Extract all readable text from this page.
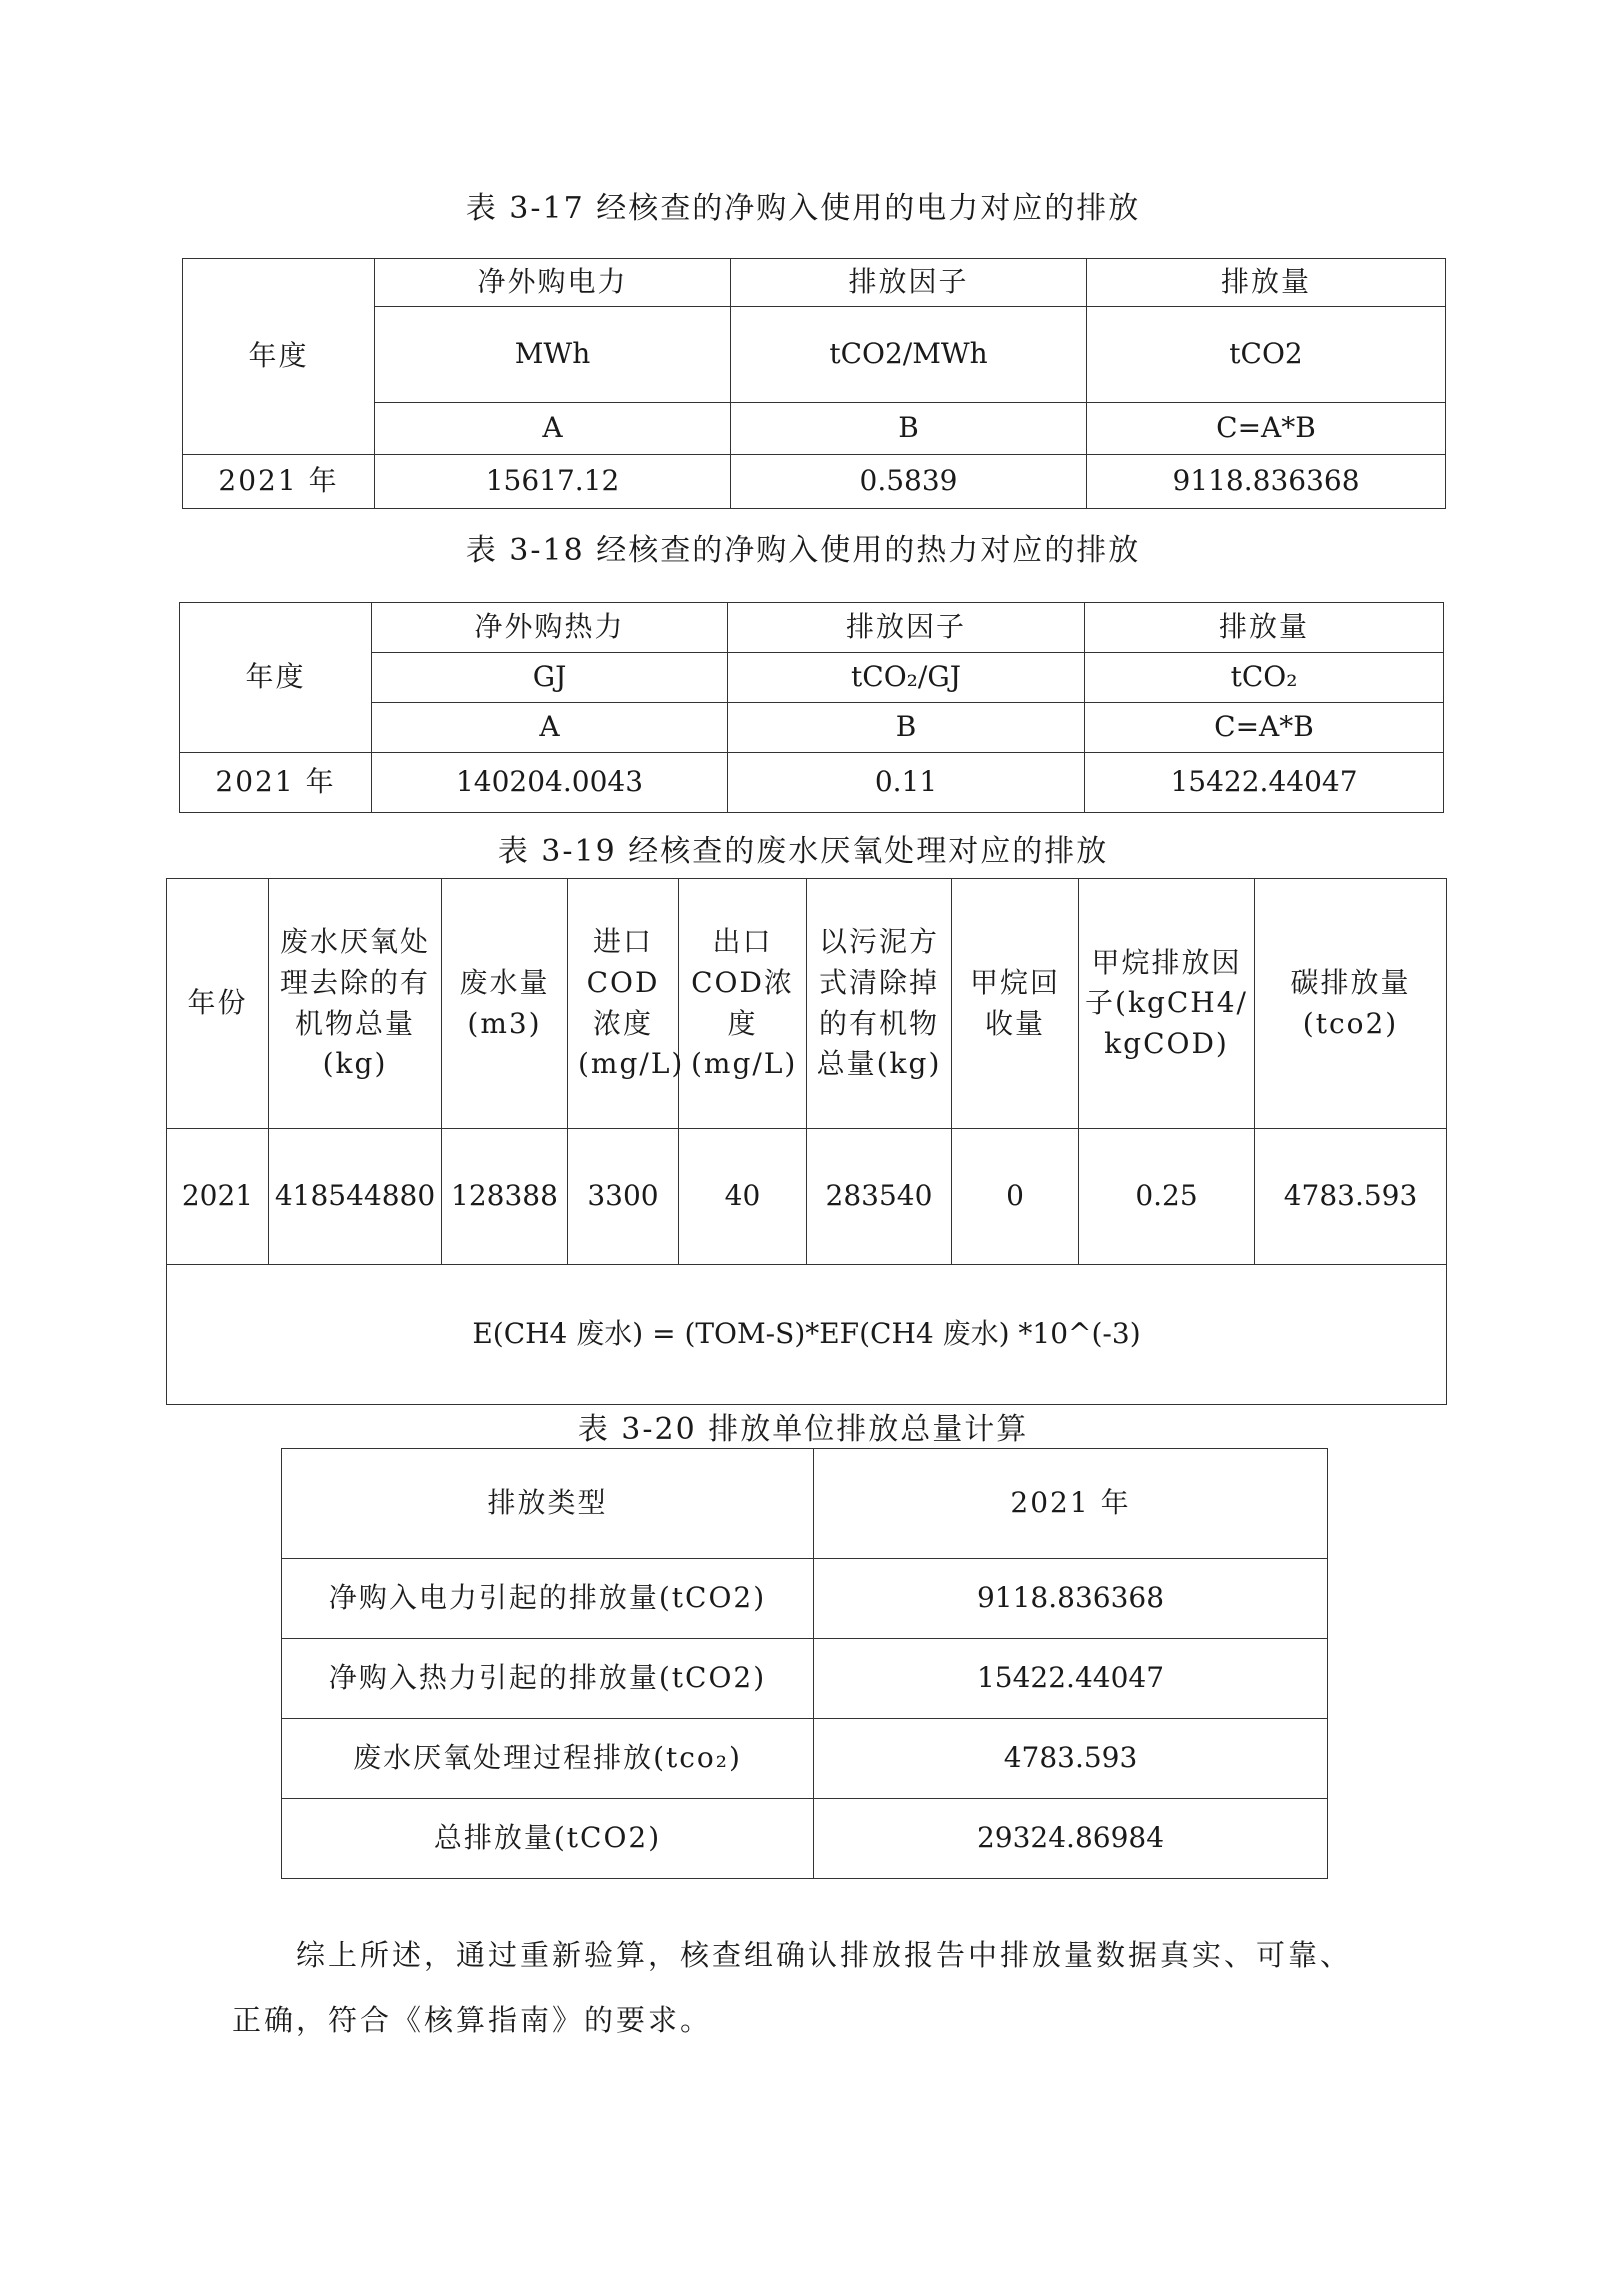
表 3-17 经核查的净购入使用的电力对应的排放
年度	净外购电力	排放因子	排放量
	MWh	tCO2/MWh	tCO2
	A	B	C=A*B
2021 年	15617.12	0.5839	9118.836368
表 3-18 经核查的净购入使用的热力对应的排放
年度	净外购热力	排放因子	排放量
	GJ	tCO₂/GJ	tCO₂
	A	B	C=A*B
2021 年	140204.0043	0.11	15422.44047
表 3-19 经核查的废水厌氧处理对应的排放
年份	废水厌氧处理去除的有机物总量(kg)	废水量(m3)	进口COD浓度(mg/L)	出口COD浓度(mg/L)	以污泥方式清除掉的有机物总量(kg)	甲烷回收量	甲烷排放因子(kgCH4/kgCOD)	碳排放量(tco2)
2021	418544880	128388	3300	40	283540	0	0.25	4783.593
E(CH4 废水) = (TOM-S)*EF(CH4 废水) *10^(-3)								
表 3-20 排放单位排放总量计算
排放类型	2021 年
净购入电力引起的排放量(tCO2)	9118.836368
净购入热力引起的排放量(tCO2)	15422.44047
废水厌氧处理过程排放(tco₂)	4783.593
总排放量(tCO2)	29324.86984
综上所述，通过重新验算，核查组确认排放报告中排放量数据真实、可靠、
正确，符合《核算指南》的要求。
